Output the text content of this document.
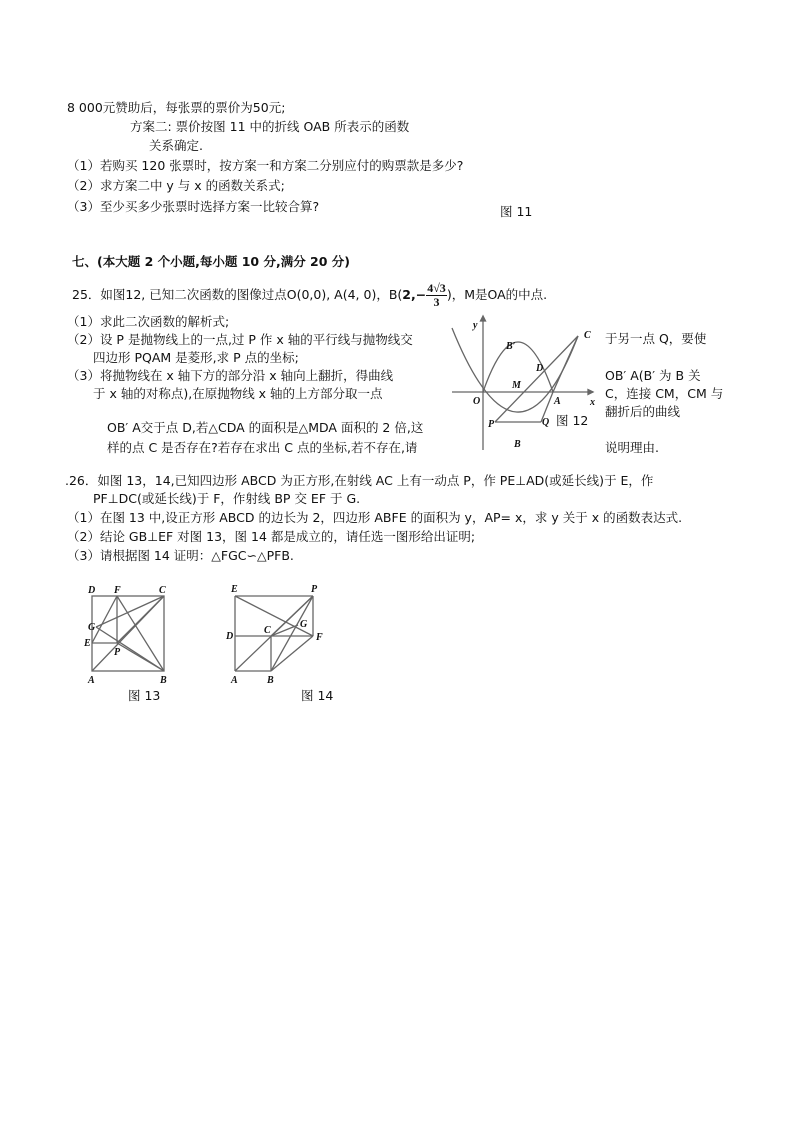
8 000元赞助后，每张票的票价为50元;
方案二: 票价按图 11 中的折线 OAB 所表示的函数
关系确定.
（1）若购买 120 张票时，按方案一和方案二分别应付的购票款是多少?
（2）求方案二中 y 与 x 的函数关系式;
（3）至少买多少张票时选择方案一比较合算?	图 11
七、(本大题 2 个小题,每小题 10 分,满分 20 分)
25．如图12, 已知二次函数的图像过点O(0,0), A(4, 0)，$B(2,- \frac{4√3}{3}$ )，M是OA的中点.
（1）求此二次函数的解析式;
（2）设 P 是抛物线上的一点,过 P 作 x 轴的平行线与抛物线交
四边形 PQAM 是菱形,求 P 点的坐标;
（3）将抛物线在 x 轴下方的部分沿 x 轴向上翻折，得曲线
于 x 轴的对称点),在原抛物线 x 轴的上方部分取一点
OB′ A交于点 D,若△CDA 的面积是△MDA 面积的 2 倍,这
样的点 C 是否存在?若存在求出 C 点的坐标,若不存在,请
于另一点 Q，要使
OB′ A(B′ 为 B 关
C，连接 CM，CM 与
翻折后的曲线
说明理由.
y
x
O	A
B
B′
C
D
M
P	Q 图 12
.26．如图 13，14,已知四边形 ABCD 为正方形,在射线 AC 上有一动点 P，作 PE⊥AD(或延长线)于 E，作
PF⊥DC(或延长线)于 F，作射线 BP 交 EF 于 G.
（1）在图 13 中,设正方形 ABCD 的边长为 2，四边形 ABFE 的面积为 y，AP= x，求 y 关于 x 的函数表达式.
（2）结论 GB⊥EF 对图 13，图 14 都是成立的，请任选一图形给出证明;
（3）请根据图 14 证明：△FGC∽△PFB.
D F	C
G
E
P
A	B
图 13
E	P
D
C
G
F
A	B
图 14
